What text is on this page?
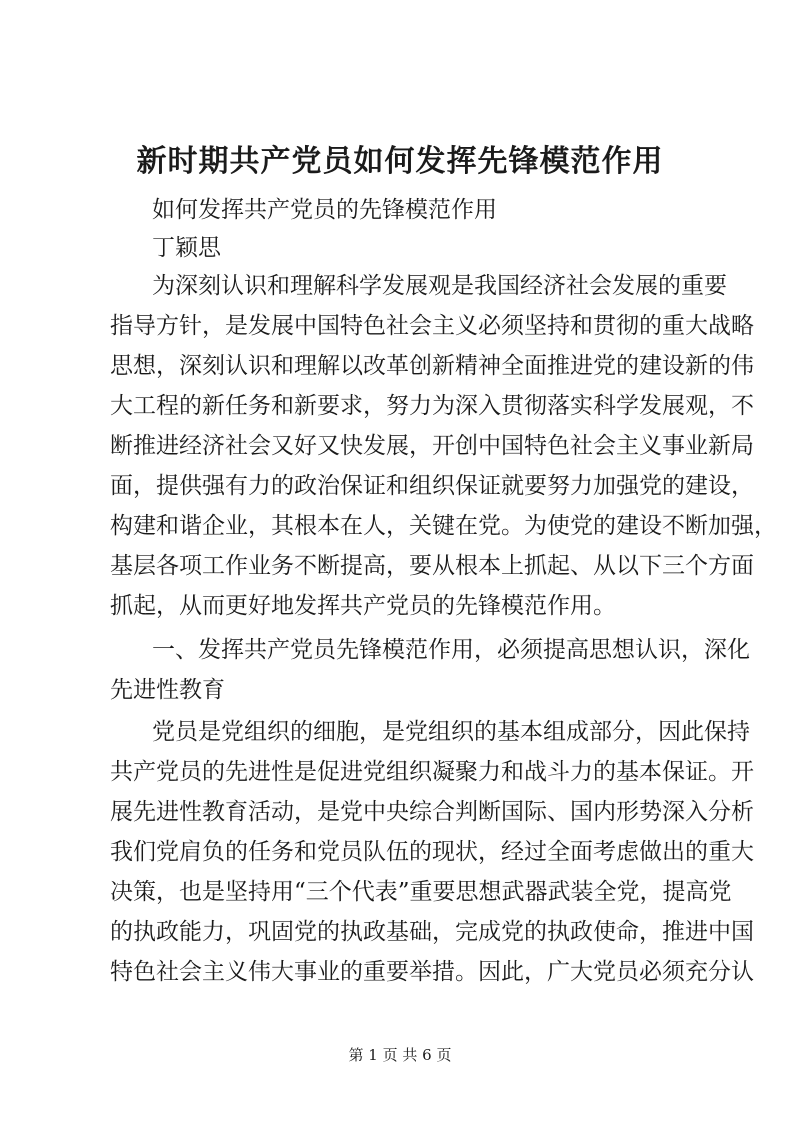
新时期共产党员如何发挥先锋模范作用
如何发挥共产党员的先锋模范作用
丁颖思
为深刻认识和理解科学发展观是我国经济社会发展的重要
指导方针，是发展中国特色社会主义必须坚持和贯彻的重大战略
思想，深刻认识和理解以改革创新精神全面推进党的建设新的伟
大工程的新任务和新要求，努力为深入贯彻落实科学发展观，不
断推进经济社会又好又快发展，开创中国特色社会主义事业新局
面，提供强有力的政治保证和组织保证就要努力加强党的建设，
构建和谐企业，其根本在人，关键在党。为使党的建设不断加强，
基层各项工作业务不断提高，要从根本上抓起、从以下三个方面
抓起，从而更好地发挥共产党员的先锋模范作用。
一、发挥共产党员先锋模范作用，必须提高思想认识，深化
先进性教育
党员是党组织的细胞，是党组织的基本组成部分，因此保持
共产党员的先进性是促进党组织凝聚力和战斗力的基本保证。开
展先进性教育活动，是党中央综合判断国际、国内形势深入分析
我们党肩负的任务和党员队伍的现状，经过全面考虑做出的重大
决策，也是坚持用“三个代表”重要思想武器武装全党，提高党
的执政能力，巩固党的执政基础，完成党的执政使命，推进中国
特色社会主义伟大事业的重要举措。因此，广大党员必须充分认
第 1 页 共 6 页
